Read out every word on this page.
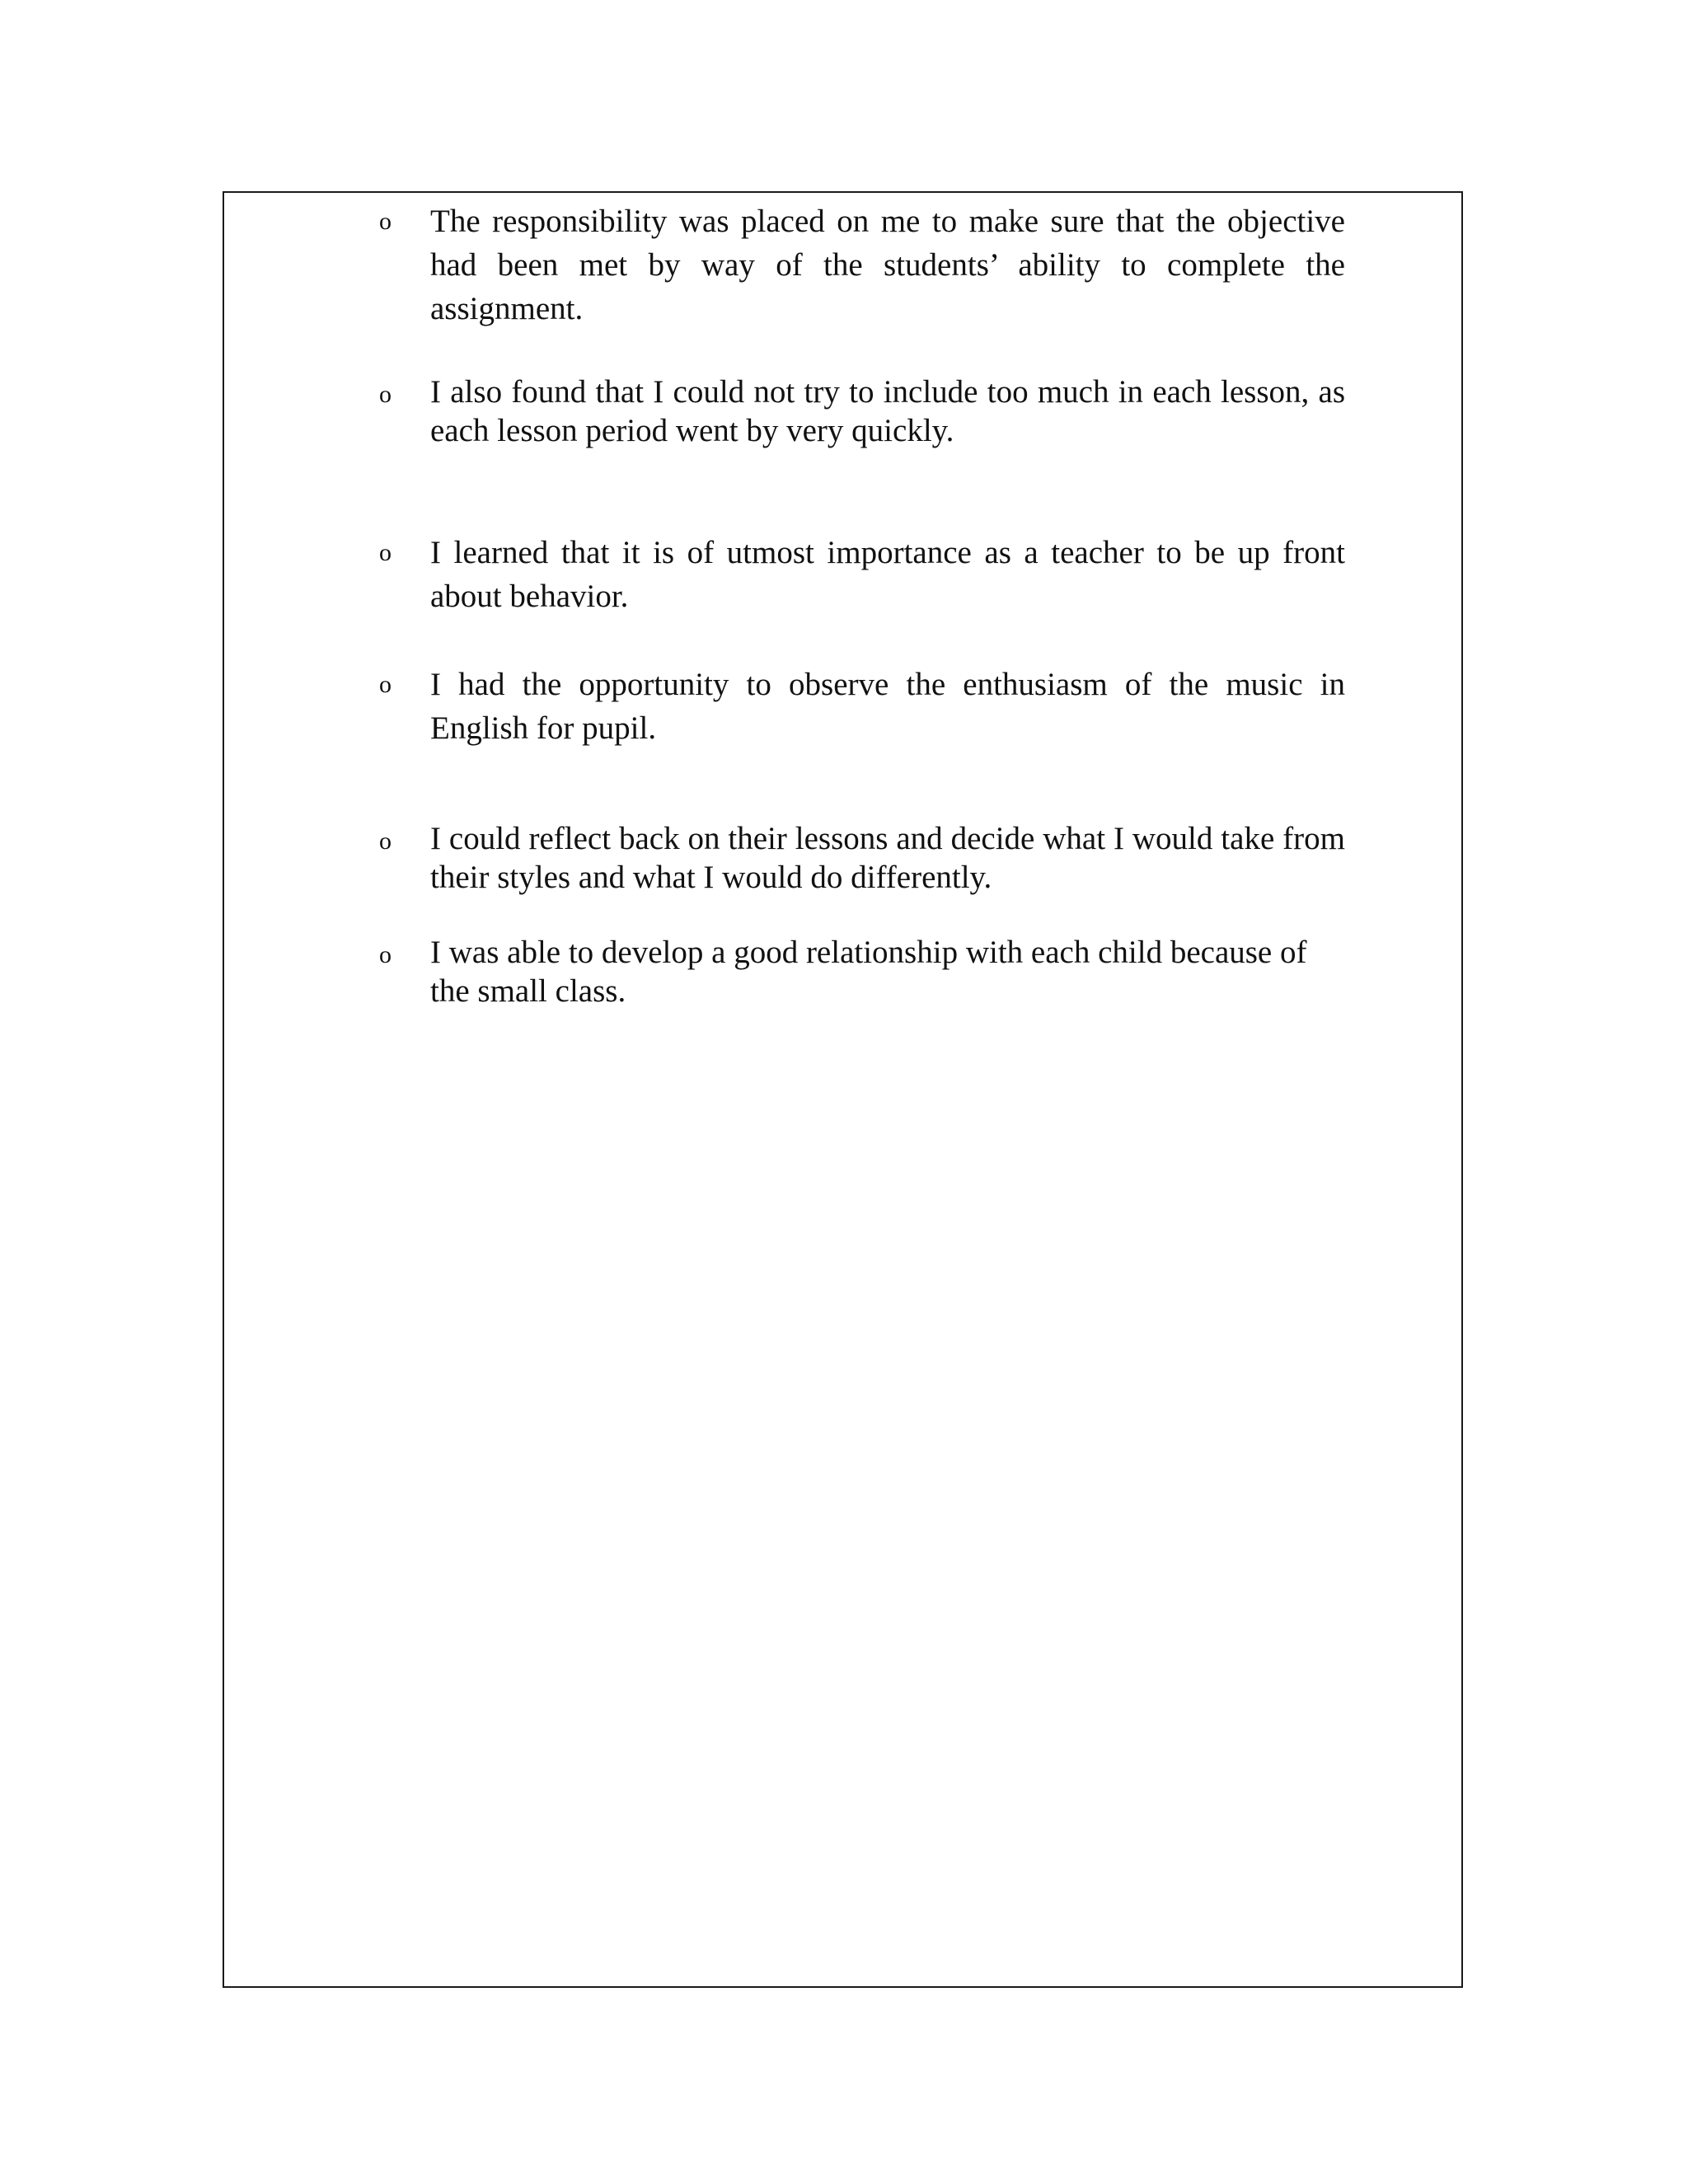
o The responsibility was placed on me to make sure that the objective had been met by way of the students’ ability to complete the assignment.

o I also found that I could not try to include too much in each lesson, as each lesson period went by very quickly.

o I learned that it is of utmost importance as a teacher to be up front about behavior.

o I had the opportunity to observe the enthusiasm of the music in English for pupil.

o I could reflect back on their lessons and decide what I would take from their styles and what I would do differently.

o I was able to develop a good relationship with each child because of the small class.
